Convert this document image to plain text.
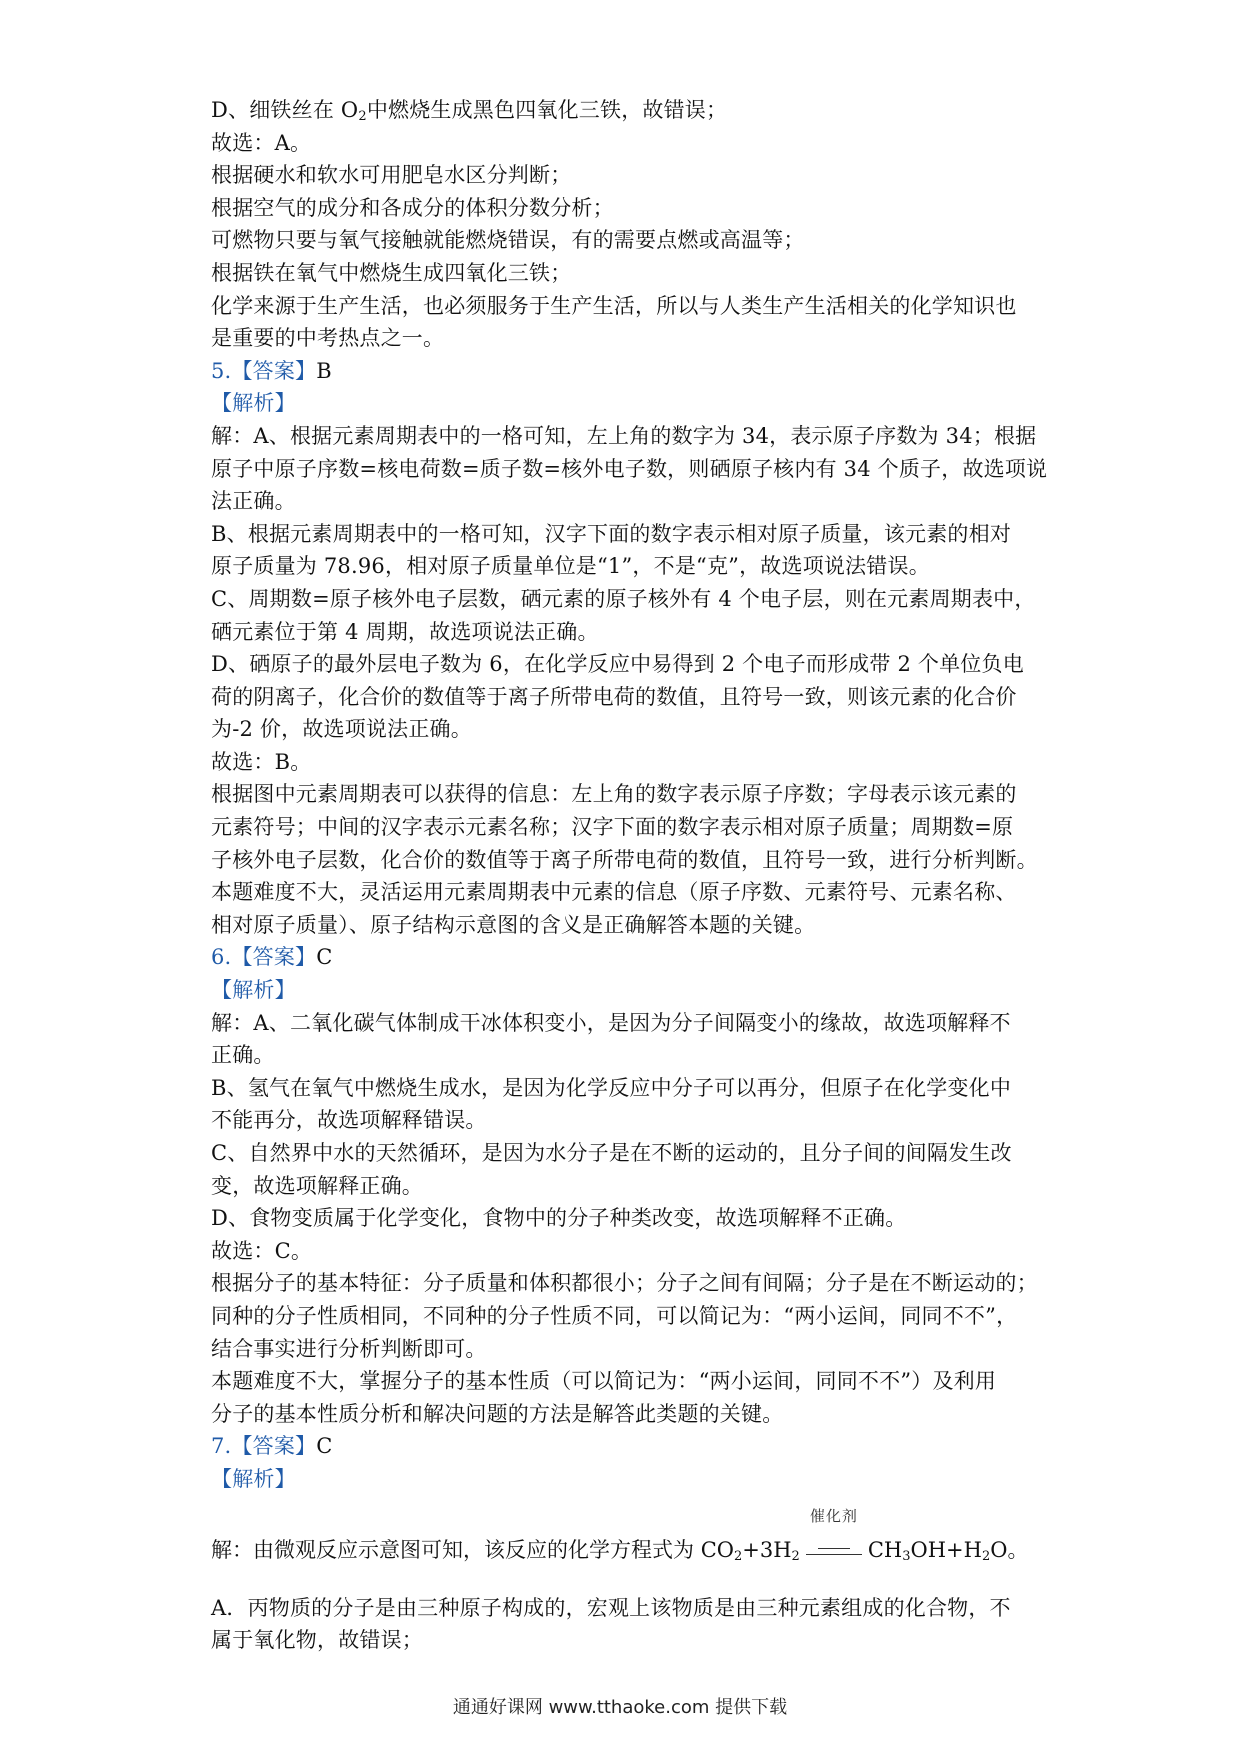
D、细铁丝在 $O_2$中燃烧生成黑色四氧化三铁，故错误；
故选：A。
根据硬水和软水可用肥皂水区分判断；
根据空气的成分和各成分的体积分数分析；
可燃物只要与氧气接触就能燃烧错误，有的需要点燃或高温等；
根据铁在氧气中燃烧生成四氧化三铁；
化学来源于生产生活，也必须服务于生产生活，所以与人类生产生活相关的化学知识也
是重要的中考热点之一。
5.【答案】B
【解析】
解：A、根据元素周期表中的一格可知，左上角的数字为 34，表示原子序数为 34；根据
原子中原子序数=核电荷数=质子数=核外电子数，则硒原子核内有 34 个质子，故选项说
法正确。
B、根据元素周期表中的一格可知，汉字下面的数字表示相对原子质量，该元素的相对
原子质量为 78.96，相对原子质量单位是“1”，不是“克”，故选项说法错误。
C、周期数=原子核外电子层数，硒元素的原子核外有 4 个电子层，则在元素周期表中，
硒元素位于第 4 周期，故选项说法正确。
D、硒原子的最外层电子数为 6，在化学反应中易得到 2 个电子而形成带 2 个单位负电
荷的阴离子，化合价的数值等于离子所带电荷的数值，且符号一致，则该元素的化合价
为-2 价，故选项说法正确。
故选：B。
根据图中元素周期表可以获得的信息：左上角的数字表示原子序数；字母表示该元素的
元素符号；中间的汉字表示元素名称；汉字下面的数字表示相对原子质量；周期数=原
子核外电子层数，化合价的数值等于离子所带电荷的数值，且符号一致，进行分析判断。
本题难度不大，灵活运用元素周期表中元素的信息（原子序数、元素符号、元素名称、
相对原子质量）、原子结构示意图的含义是正确解答本题的关键。
6.【答案】C
【解析】
解：A、二氧化碳气体制成干冰体积变小，是因为分子间隔变小的缘故，故选项解释不
正确。
B、氢气在氧气中燃烧生成水，是因为化学反应中分子可以再分，但原子在化学变化中
不能再分，故选项解释错误。
C、自然界中水的天然循环，是因为水分子是在不断的运动的，且分子间的间隔发生改
变，故选项解释正确。
D、食物变质属于化学变化，食物中的分子种类改变，故选项解释不正确。
故选：C。
根据分子的基本特征：分子质量和体积都很小；分子之间有间隔；分子是在不断运动的；
同种的分子性质相同，不同种的分子性质不同，可以简记为：“两小运间，同同不不”，
结合事实进行分析判断即可。
本题难度不大，掌握分子的基本性质（可以简记为：“两小运间，同同不不”）及利用
分子的基本性质分析和解决问题的方法是解答此类题的关键。
7.【答案】C
【解析】
解：由微观反应示意图可知，该反应的化学方程式为 $CO_2+3H_2$
催化剂
$CH_3OH+H_2O$。
A．丙物质的分子是由三种原子构成的，宏观上该物质是由三种元素组成的化合物，不
属于氧化物，故错误；
通通好课网 www.tthaoke.com 提供下载
